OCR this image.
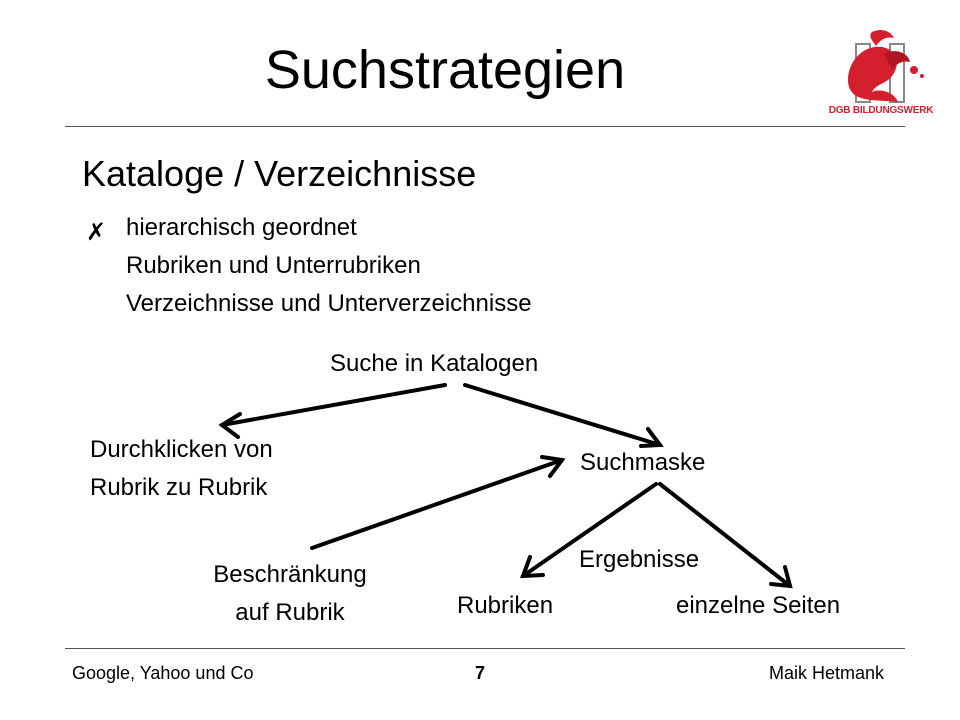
Suchstrategien
DGB BILDUNGSWERK
Kataloge / Verzeichnisse
✗ hierarchisch geordnet
Rubriken und Unterrubriken
Verzeichnisse und Unterverzeichnisse
Suche in Katalogen
Durchklicken von
Rubrik zu Rubrik
Suchmaske
Beschränkung
auf Rubrik
Ergebnisse
Rubriken	einzelne Seiten
Google, Yahoo und Co	7	Maik Hetmank
